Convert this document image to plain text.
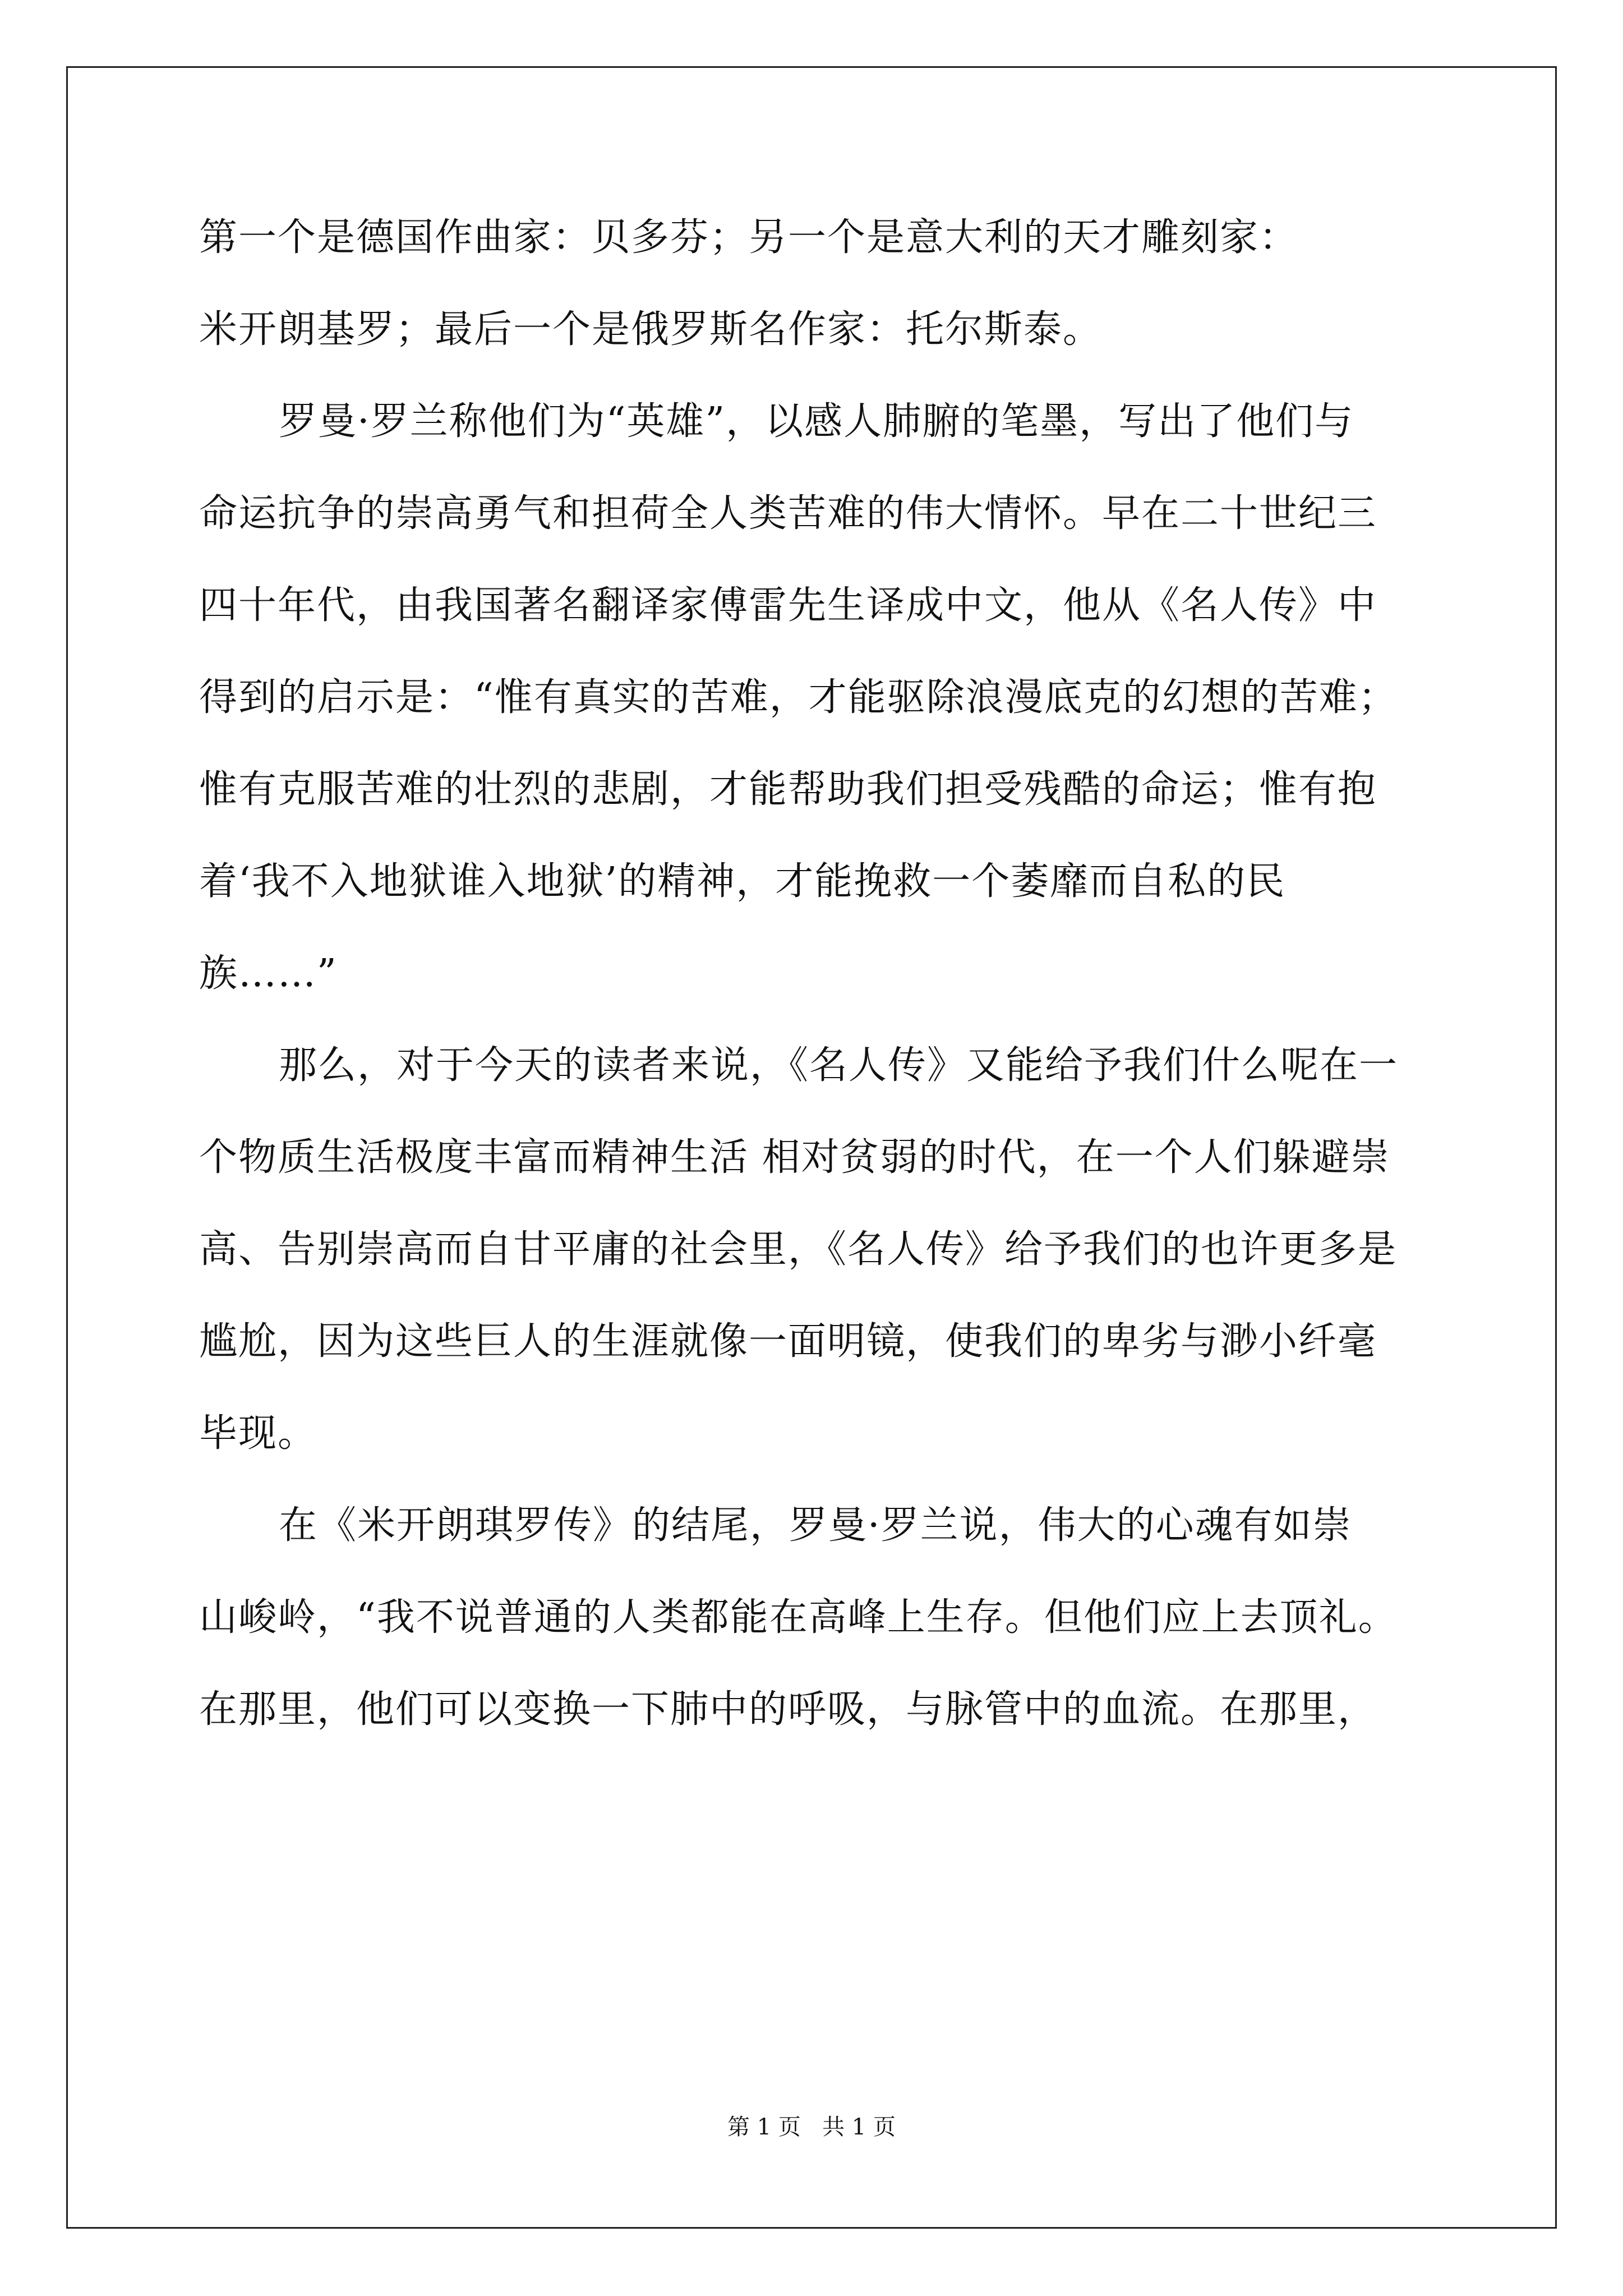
第一个是德国作曲家：贝多芬；另一个是意大利的天才雕刻家：
米开朗基罗；最后一个是俄罗斯名作家：托尔斯泰。
罗曼·罗兰称他们为“英雄”，以感人肺腑的笔墨，写出了他们与
命运抗争的崇高勇气和担荷全人类苦难的伟大情怀。早在二十世纪三
四十年代，由我国著名翻译家傅雷先生译成中文，他从《名人传》中
得到的启示是：“惟有真实的苦难，才能驱除浪漫底克的幻想的苦难；
惟有克服苦难的壮烈的悲剧，才能帮助我们担受残酷的命运；惟有抱
着‘我不入地狱谁入地狱’的精神，才能挽救一个萎靡而自私的民
族……”
那么，对于今天的读者来说，《名人传》又能给予我们什么呢在一
个物质生活极度丰富而精神生活 相对贫弱的时代，在一个人们躲避崇
高、告别崇高而自甘平庸的社会里，《名人传》给予我们的也许更多是
尴尬，因为这些巨人的生涯就像一面明镜，使我们的卑劣与渺小纤毫
毕现。
在《米开朗琪罗传》的结尾，罗曼·罗兰说，伟大的心魂有如崇
山峻岭，“我不说普通的人类都能在高峰上生存。但他们应上去顶礼。
在那里，他们可以变换一下肺中的呼吸，与脉管中的血流。在那里，
第 1 页   共 1 页
